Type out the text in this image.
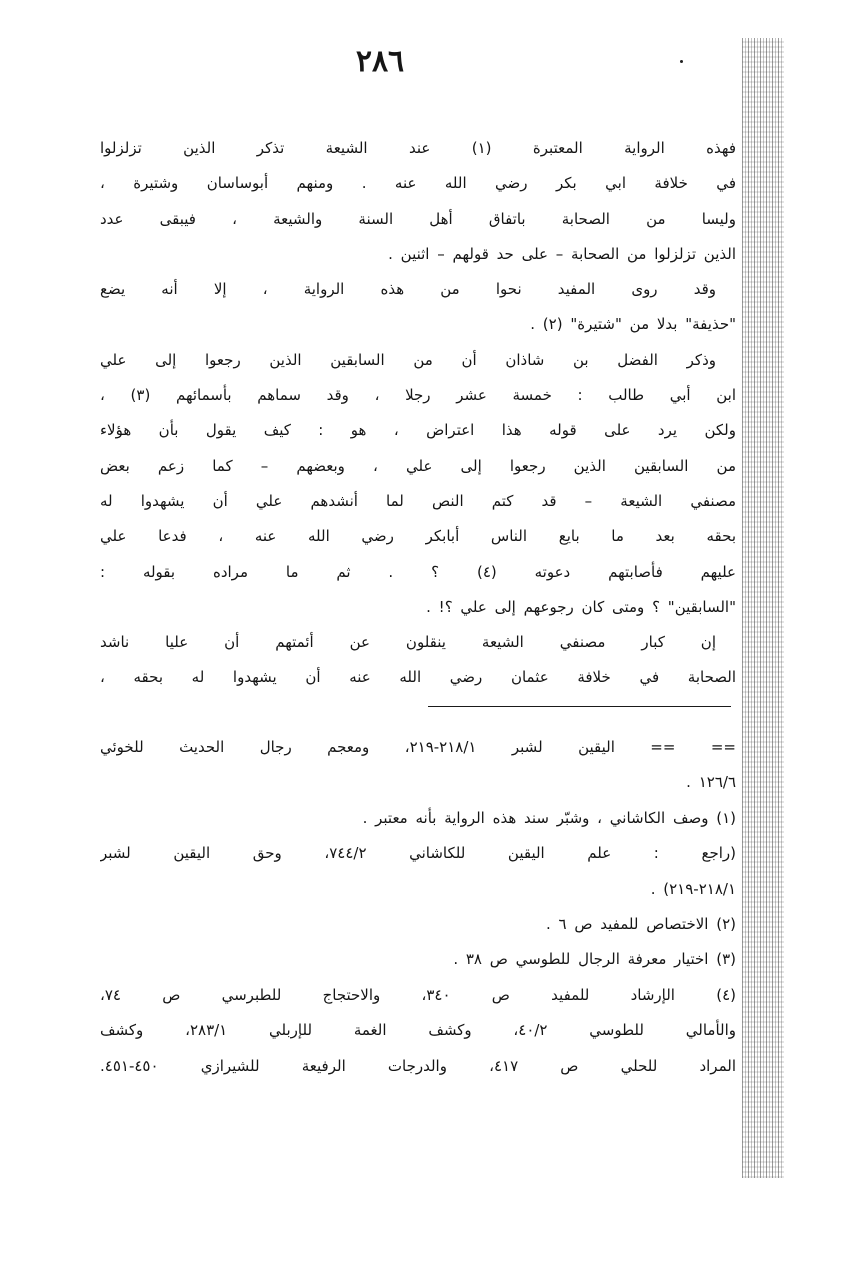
٢٨٦
فهذه الرواية المعتبرة (١) عند الشيعة تذكر الذين تزلزلوا
في خلافة ابي بكر رضي الله عنه . ومنهم أبوساسان وشتيرة ،
وليسا من الصحابة باتفاق أهل السنة والشيعة ، فيبقى عدد
الذين تزلزلوا من الصحابة – على حد قولهم – اثنين .
وقد روى المفيد نحوا من هذه الرواية ، إلا أنه يضع
"حذيفة" بدلا من "شتيرة" (٢) .
وذكر الفضل بن شاذان أن من السابقين الذين رجعوا إلى علي
ابن أبي طالب : خمسة عشر رجلا ، وقد سماهم بأسمائهم (٣) ،
ولكن يرد على قوله هذا اعتراض ، هو : كيف يقول بأن هؤلاء
من السابقين الذين رجعوا إلى علي ، وبعضهم – كما زعم بعض
مصنفي الشيعة – قد كتم النص لما أنشدهم علي أن يشهدوا له
بحقه بعد ما بايع الناس أبابكر رضي الله عنه ، فدعا علي
عليهم فأصابتهم دعوته (٤) ؟ . ثم ما مراده بقوله :
"السابقين" ؟ ومتى كان رجوعهم إلى علي ؟! .
إن كبار مصنفي الشيعة ينقلون عن أئمتهم أن عليا ناشد
الصحابة في خلافة عثمان رضي الله عنه أن يشهدوا له بحقه ،
== == اليقين لشبر ٢١٨/١-٢١٩، ومعجم رجال الحديث للخوئي
١٢٦/٦ .
(١) وصف الكاشاني ، وشبّر سند هذه الرواية بأنه معتبر .
(راجع : علم اليقين للكاشاني ٧٤٤/٢، وحق اليقين لشبر
٢١٨/١-٢١٩) .
(٢) الاختصاص للمفيد ص ٦ .
(٣) اختيار معرفة الرجال للطوسي ص ٣٨ .
(٤) الإرشاد للمفيد ص ٣٤٠، والاحتجاج للطبرسي ص ٧٤،
والأمالي للطوسي ٤٠/٢، وكشف الغمة للإربلي ٢٨٣/١، وكشف
المراد للحلي ص ٤١٧، والدرجات الرفيعة للشيرازي ٤٥٠-٤٥١.
